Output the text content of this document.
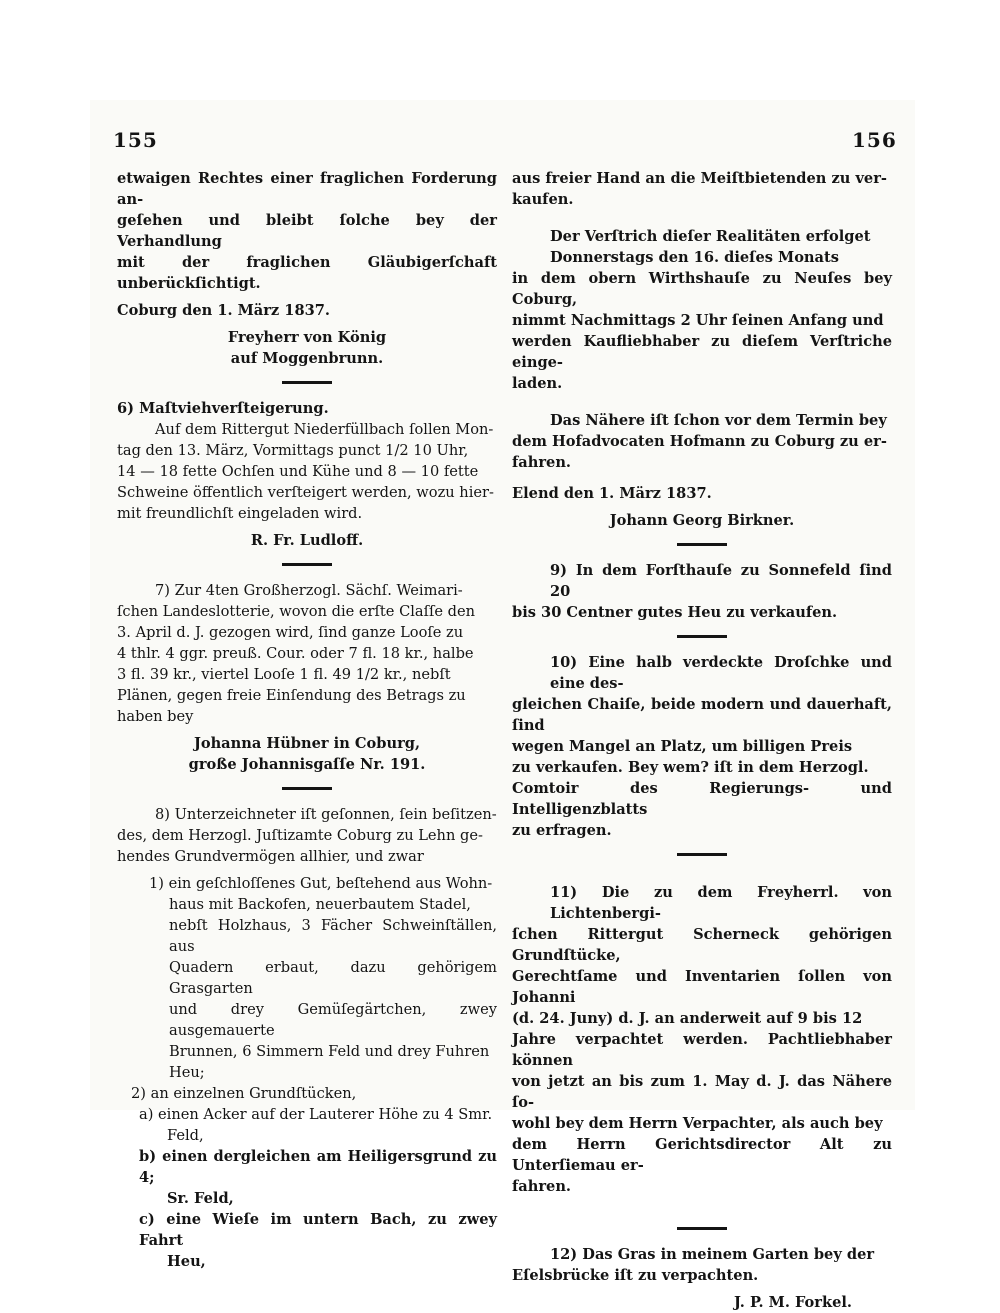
155	156

etwaigen Rechtes einer fraglichen Forderung an-

geſehen und bleibt ſolche bey der Verhandlung

mit der fraglichen Gläubigerſchaft unberückſichtigt.

Coburg den 1. März 1837.

Freyherr von König

auf Moggenbrunn.

6) Maſtviehverſteigerung.

Auf dem Rittergut Niederfüllbach ſollen Mon-

tag den 13. März, Vormittags punct 1/2 10 Uhr,

14 — 18 fette Ochſen und Kühe und 8 — 10 fette

Schweine öffentlich verſteigert werden, wozu hier-

mit freundlichſt eingeladen wird.

R. Fr. Ludloff.

7) Zur 4ten Großherzogl. Sächſ. Weimari-

ſchen Landeslotterie, wovon die erſte Claſſe den

3. April d. J. gezogen wird, ſind ganze Looſe zu

4 thlr. 4 ggr. preuß. Cour. oder 7 fl. 18 kr., halbe

3 fl. 39 kr., viertel Looſe 1 fl. 49 1/2 kr., nebſt

Plänen, gegen freie Einſendung des Betrags zu

haben bey

Johanna Hübner in Coburg,

große Johannisgaſſe Nr. 191.

8) Unterzeichneter iſt geſonnen, ſein beſitzen-

des, dem Herzogl. Juſtizamte Coburg zu Lehn ge-

hendes Grundvermögen allhier, und zwar

1) ein geſchloſſenes Gut, beſtehend aus Wohn-

haus mit Backofen, neuerbautem Stadel,

nebſt Holzhaus, 3 Fächer Schweinſtällen, aus

Quadern erbaut, dazu gehörigem Grasgarten

und drey Gemüſegärtchen, zwey ausgemauerte

Brunnen, 6 Simmern Feld und drey Fuhren

Heu;

2) an einzelnen Grundſtücken,

a) einen Acker auf der Lauterer Höhe zu 4 Smr.

Feld,

b) einen dergleichen am Heiligersgrund zu 4;

Sr. Feld,

c) eine Wieſe im untern Bach, zu zwey Fahrt

Heu,

aus freier Hand an die Meiſtbietenden zu ver-

kaufen.

Der Verſtrich dieſer Realitäten erfolget

Donnerstags den 16. dieſes Monats

in dem obern Wirthshauſe zu Neuſes bey Coburg,

nimmt Nachmittags 2 Uhr ſeinen Anfang und

werden Kaufliebhaber zu dieſem Verſtriche einge-

laden.

Das Nähere iſt ſchon vor dem Termin bey

dem Hofadvocaten Hofmann zu Coburg zu er-

fahren.

Elend den 1. März 1837.

Johann Georg Birkner.

9) In dem Forſthauſe zu Sonnefeld ſind 20

bis 30 Centner gutes Heu zu verkaufen.

10) Eine halb verdeckte Droſchke und eine des-

gleichen Chaiſe, beide modern und dauerhaft, ſind

wegen Mangel an Platz, um billigen Preis

zu verkaufen. Bey wem? iſt in dem Herzogl.

Comtoir des Regierungs- und Intelligenzblatts

zu erfragen.

11) Die zu dem Freyherrl. von Lichtenbergi-

ſchen Rittergut Scherneck gehörigen Grundſtücke,

Gerechtſame und Inventarien ſollen von Johanni

(d. 24. Juny) d. J. an anderweit auf 9 bis 12

Jahre verpachtet werden. Pachtliebhaber können

von jetzt an bis zum 1. May d. J. das Nähere ſo-

wohl bey dem Herrn Verpachter, als auch bey

dem Herrn Gerichtsdirector Alt zu Unterſiemau er-

fahren.

12) Das Gras in meinem Garten bey der

Eſelsbrücke iſt zu verpachten.

J. P. M. Forkel.
